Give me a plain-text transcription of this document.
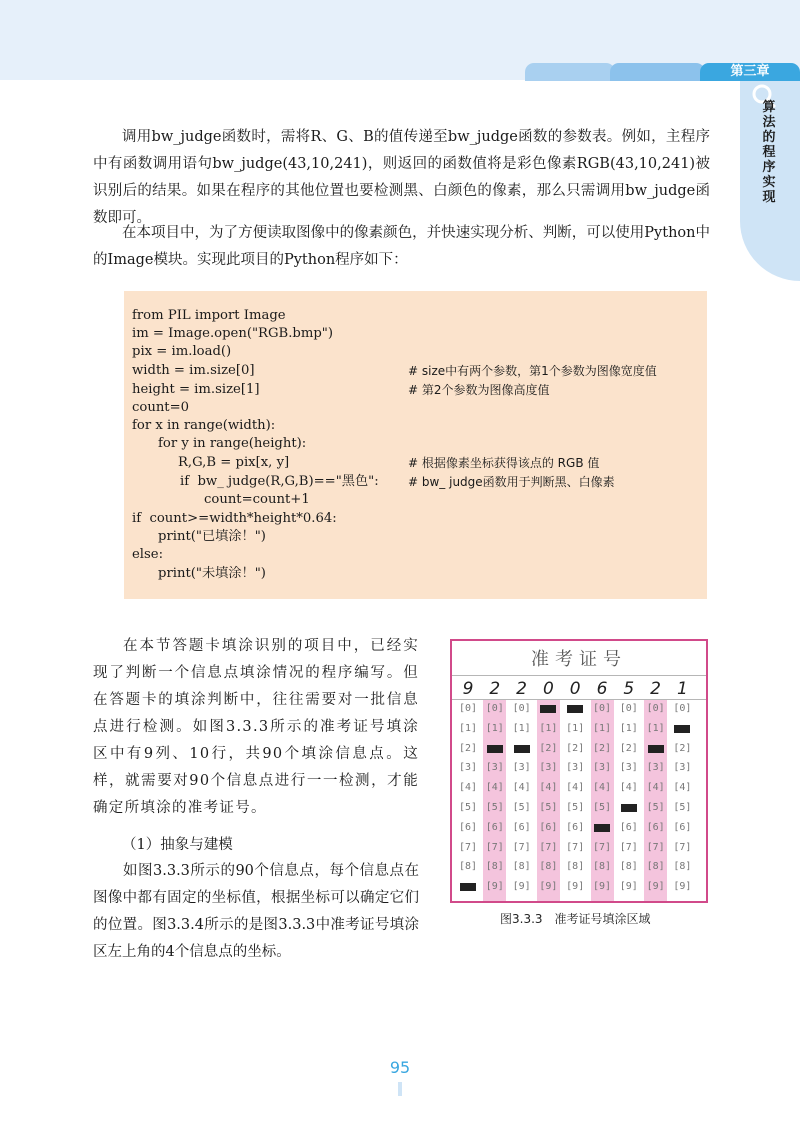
第三章
算法的程序实现

调用bw_judge函数时，需将R、G、B的值传递至bw_judge函数的参数表。例如，主程序中有函数调用语句bw_judge(43,10,241)，则返回的函数值将是彩色像素RGB(43,10,241)被识别后的结果。如果在程序的其他位置也要检测黑、白颜色的像素，那么只需调用bw_judge函数即可。

在本项目中，为了方便读取图像中的像素颜色，并快速实现分析、判断，可以使用Python中的Image模块。实现此项目的Python程序如下：

from PIL import Image
im = Image.open("RGB.bmp")
pix = im.load()
width = im.size[0]
height = im.size[1]
count=0
for x in range(width):
for y in range(height):
R,G,B = pix[x, y]
if  bw_ judge(R,G,B)=="黑色":
count=count+1
if  count>=width*height*0.64:
print("已填涂！")
else:
print("未填涂！")
# size中有两个参数，第1个参数为图像宽度值
# 第2个参数为图像高度值
# 根据像素坐标获得该点的 RGB 值
# bw_ judge函数用于判断黑、白像素

在本节答题卡填涂识别的项目中，已经实现了判断一个信息点填涂情况的程序编写。但在答题卡的填涂判断中，往往需要对一批信息点进行检测。如图3.3.3所示的准考证号填涂区中有9列、10行，共90个填涂信息点。这样，就需要对90个信息点进行一一检测，才能确定所填涂的准考证号。

（1）抽象与建模

如图3.3.3所示的90个信息点，每个信息点在图像中都有固定的坐标值，根据坐标可以确定它们的位置。图3.3.4所示的是图3.3.3中准考证号填涂区左上角的4个信息点的坐标。

准考证号
9
[0]
[1]
[2]
[3]
[4]
[5]
[6]
[7]
[8]
2
[0]
[1]
[3]
[4]
[5]
[6]
[7]
[8]
[9]
2
[0]
[1]
[3]
[4]
[5]
[6]
[7]
[8]
[9]
0
[1]
[2]
[3]
[4]
[5]
[6]
[7]
[8]
[9]
0
[1]
[2]
[3]
[4]
[5]
[6]
[7]
[8]
[9]
6
[0]
[1]
[2]
[3]
[4]
[5]
[7]
[8]
[9]
5
[0]
[1]
[2]
[3]
[4]
[6]
[7]
[8]
[9]
2
[0]
[1]
[3]
[4]
[5]
[6]
[7]
[8]
[9]
1
[0]
[2]
[3]
[4]
[5]
[6]
[7]
[8]
[9]
图3.3.3　准考证号填涂区域
95
